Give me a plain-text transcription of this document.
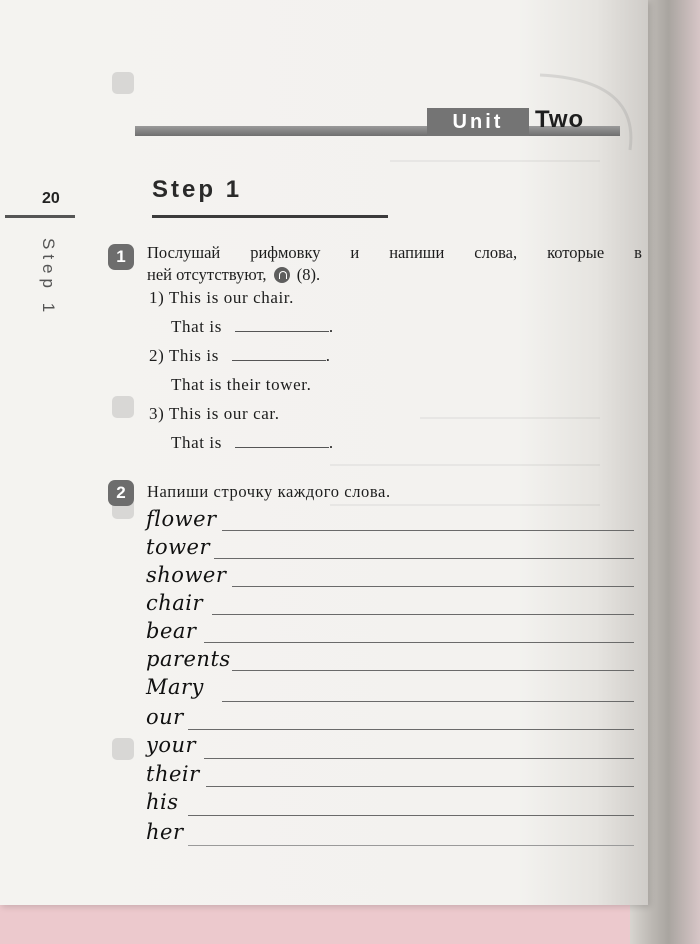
Unit	Two
20
Step 1
Step 1
1	Послушай рифмовку и напиши слова, которые в
ней отсутствуют, (8).
1) This is our chair.
That is	.
2) This is	.
That is their tower.
3) This is our car.
That is	.
2	Напиши строчку каждого слова.
flower
tower
shower
chair
bear
parents
Mary
our
your
their
his
her
